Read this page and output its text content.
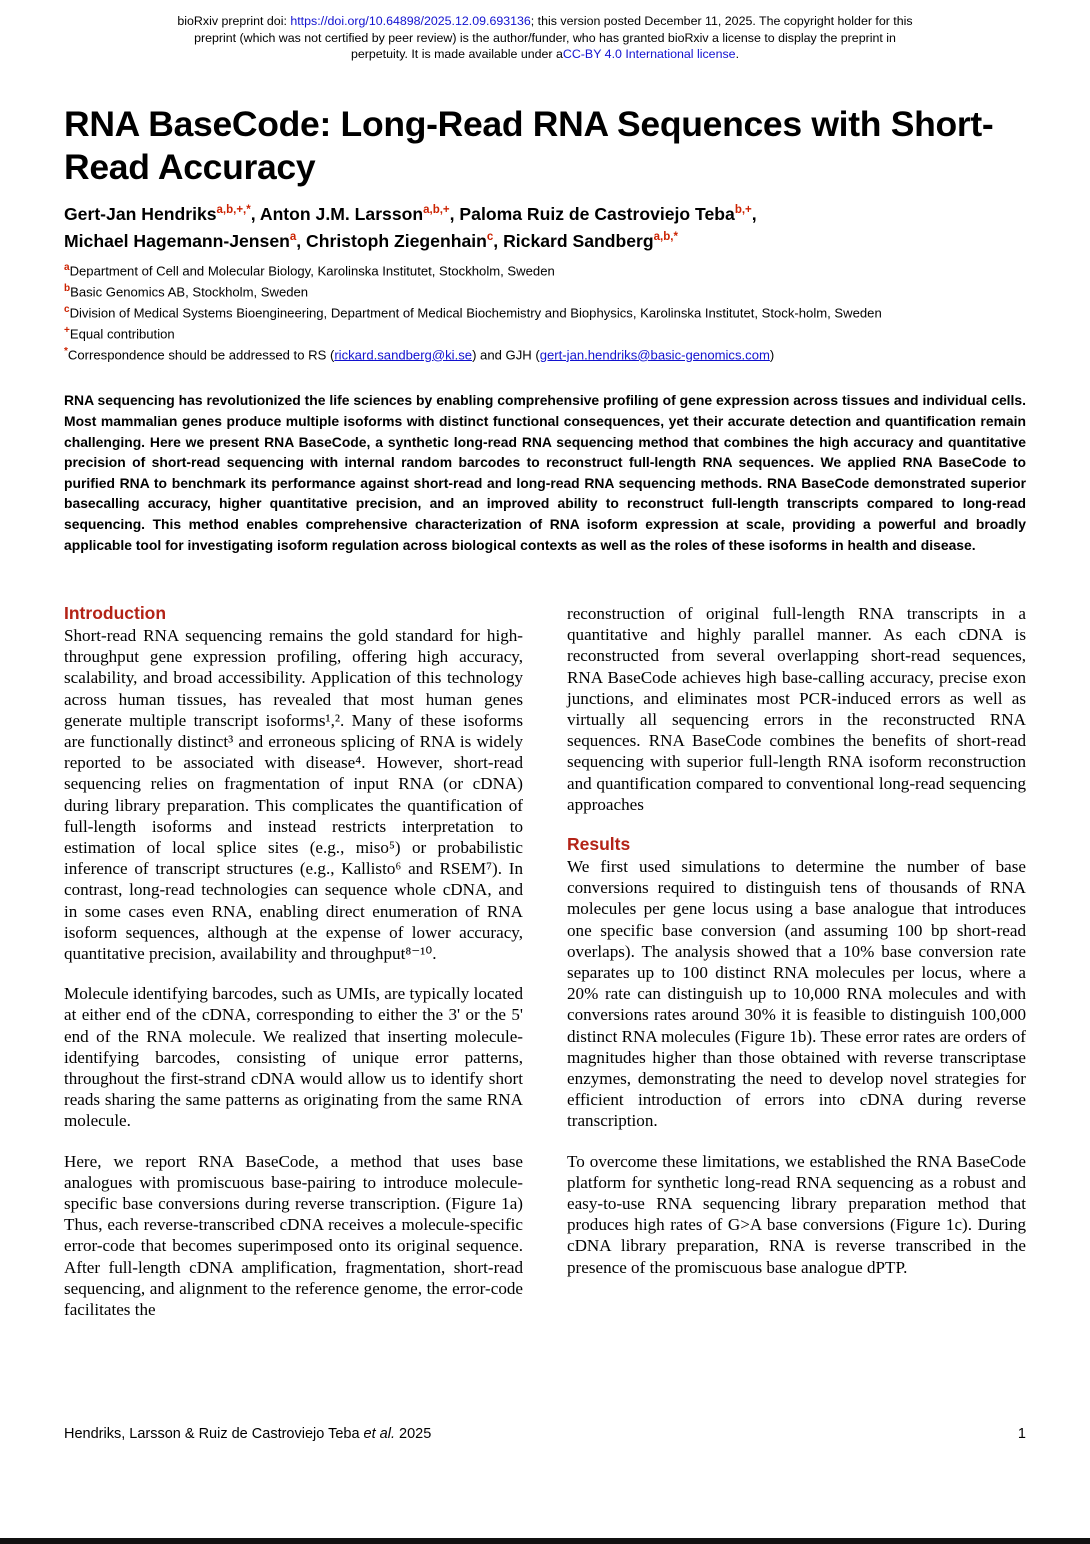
bioRxiv preprint doi: https://doi.org/10.64898/2025.12.09.693136; this version posted December 11, 2025. The copyright holder for this
preprint (which was not certified by peer review) is the author/funder, who has granted bioRxiv a license to display the preprint in
perpetuity. It is made available under aCC-BY 4.0 International license.
RNA BaseCode: Long-Read RNA Sequences with Short-Read Accuracy
Gert-Jan Hendriks$^{a,b,+,*}$, Anton J.M. Larsson$^{a,b,+}$, Paloma Ruiz de Castroviejo Teba$^{b,+}$,
Michael Hagemann-Jensen$^a$, Christoph Ziegenhain$^c$, Rickard Sandberg$^{a,b,*}$
$^a$Department of Cell and Molecular Biology, Karolinska Institutet, Stockholm, Sweden
$^b$Basic Genomics AB, Stockholm, Sweden
$^c$Division of Medical Systems Bioengineering, Department of Medical Biochemistry and Biophysics, Karolinska Institutet, Stock-holm, Sweden
+Equal contribution
*Correspondence should be addressed to RS (rickard.sandberg@ki.se) and GJH (gert-jan.hendriks@basic-genomics.com)
RNA sequencing has revolutionized the life sciences by enabling comprehensive profiling of gene expression across tissues and individual cells. Most mammalian genes produce multiple isoforms with distinct functional consequences, yet their accurate detection and quantification remain challenging. Here we present RNA BaseCode, a synthetic long-read RNA sequencing method that combines the high accuracy and quantitative precision of short-read sequencing with internal random barcodes to reconstruct full-length RNA sequences. We applied RNA BaseCode to purified RNA to benchmark its performance against short-read and long-read RNA sequencing methods. RNA BaseCode demonstrated superior basecalling accuracy, higher quantitative precision, and an improved ability to reconstruct full-length transcripts compared to long-read sequencing. This method enables comprehensive characterization of RNA isoform expression at scale, providing a powerful and broadly applicable tool for investigating isoform regulation across biological contexts as well as the roles of these isoforms in health and disease.
Introduction

Short-read RNA sequencing remains the gold standard for high-throughput gene expression profiling, offering high accuracy, scalability, and broad accessibility. Application of this technology across human tissues, has revealed that most human genes generate multiple transcript isoforms¹,². Many of these isoforms are functionally distinct³ and erroneous splicing of RNA is widely reported to be associated with disease⁴. However, short-read sequencing relies on fragmentation of input RNA (or cDNA) during library preparation. This complicates the quantification of full-length isoforms and instead restricts interpretation to estimation of local splice sites (e.g., miso⁵) or probabilistic inference of transcript structures (e.g., Kallisto⁶ and RSEM⁷). In contrast, long-read technologies can sequence whole cDNA, and in some cases even RNA, enabling direct enumeration of RNA isoform sequences, although at the expense of lower accuracy, quantitative precision, availability and throughput⁸⁻¹⁰.

Molecule identifying barcodes, such as UMIs, are typically located at either end of the cDNA, corresponding to either the 3' or the 5' end of the RNA molecule. We realized that inserting molecule-identifying barcodes, consisting of unique error patterns, throughout the first-strand cDNA would allow us to identify short reads sharing the same patterns as originating from the same RNA molecule.

Here, we report RNA BaseCode, a method that uses base analogues with promiscuous base-pairing to introduce molecule-specific base conversions during reverse transcription. (Figure 1a) Thus, each reverse-transcribed cDNA receives a molecule-specific error-code that becomes superimposed onto its original sequence. After full-length cDNA amplification, fragmentation, short-read sequencing, and alignment to the reference genome, the error-code facilitates the

reconstruction of original full-length RNA transcripts in a quantitative and highly parallel manner. As each cDNA is reconstructed from several overlapping short-read sequences, RNA BaseCode achieves high base-calling accuracy, precise exon junctions, and eliminates most PCR-induced errors as well as virtually all sequencing errors in the reconstructed RNA sequences. RNA BaseCode combines the benefits of short-read sequencing with superior full-length RNA isoform reconstruction and quantification compared to conventional long-read sequencing approaches

Results

We first used simulations to determine the number of base conversions required to distinguish tens of thousands of RNA molecules per gene locus using a base analogue that introduces one specific base conversion (and assuming 100 bp short-read overlaps). The analysis showed that a 10% base conversion rate separates up to 100 distinct RNA molecules per locus, where a 20% rate can distinguish up to 10,000 RNA molecules and with conversions rates around 30% it is feasible to distinguish 100,000 distinct RNA molecules (Figure 1b). These error rates are orders of magnitudes higher than those obtained with reverse transcriptase enzymes, demonstrating the need to develop novel strategies for efficient introduction of errors into cDNA during reverse transcription.

To overcome these limitations, we established the RNA BaseCode platform for synthetic long-read RNA sequencing as a robust and easy-to-use RNA sequencing library preparation method that produces high rates of G>A base conversions (Figure 1c). During cDNA library preparation, RNA is reverse transcribed in the presence of the promiscuous base analogue dPTP.

Hendriks, Larsson & Ruiz de Castroviejo Teba et al. 2025	1
